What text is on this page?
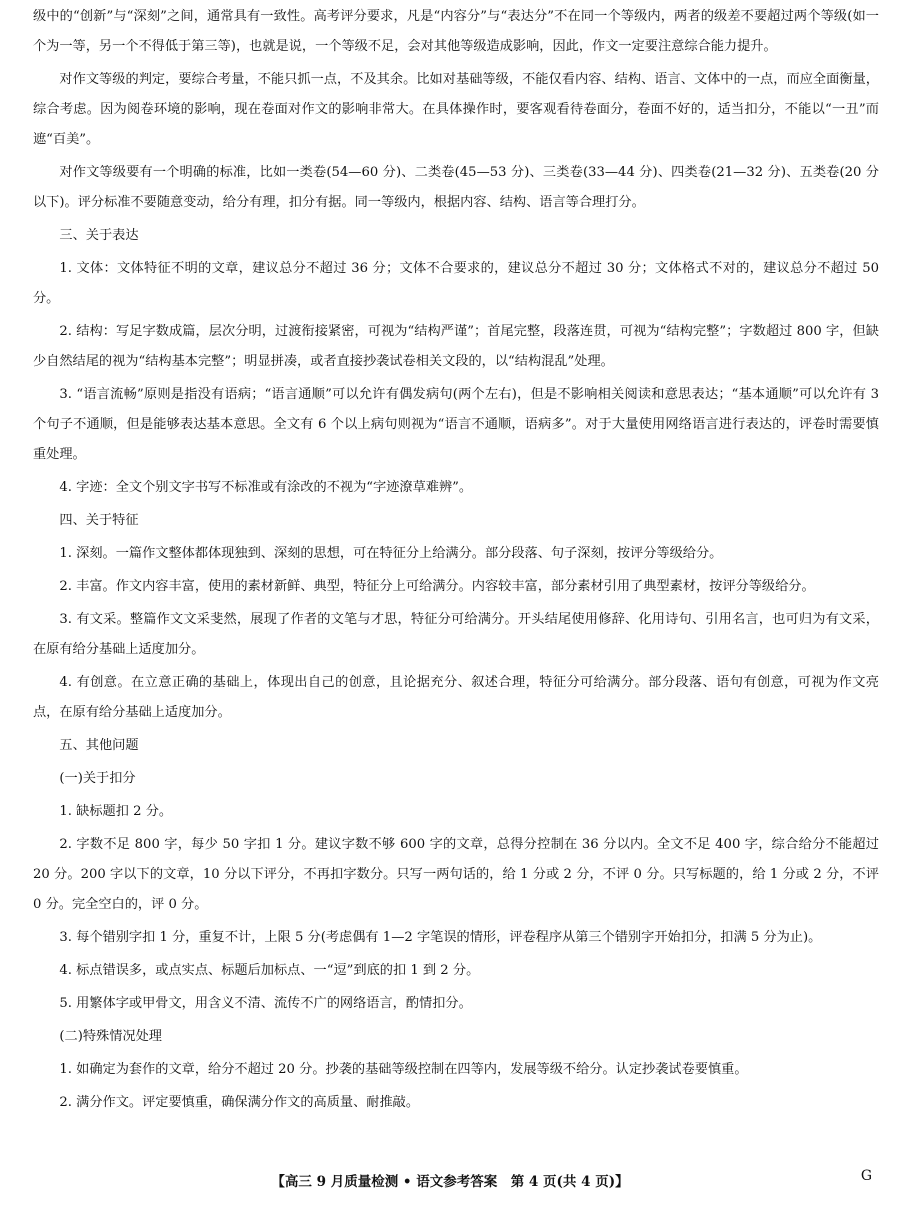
级中的“创新”与“深刻”之间，通常具有一致性。高考评分要求，凡是“内容分”与“表达分”不在同一个等级内，两者的级差不要超过两个等级(如一个为一等，另一个不得低于第三等)，也就是说，一个等级不足，会对其他等级造成影响，因此，作文一定要注意综合能力提升。

对作文等级的判定，要综合考量，不能只抓一点，不及其余。比如对基础等级，不能仅看内容、结构、语言、文体中的一点，而应全面衡量，综合考虑。因为阅卷环境的影响，现在卷面对作文的影响非常大。在具体操作时，要客观看待卷面分，卷面不好的，适当扣分，不能以“一丑”而遮“百美”。

对作文等级要有一个明确的标准，比如一类卷(54—60 分)、二类卷(45—53 分)、三类卷(33—44 分)、四类卷(21—32 分)、五类卷(20 分以下)。评分标准不要随意变动，给分有理，扣分有据。同一等级内，根据内容、结构、语言等合理打分。

三、关于表达

1. 文体：文体特征不明的文章，建议总分不超过 36 分；文体不合要求的，建议总分不超过 30 分；文体格式不对的，建议总分不超过 50 分。

2. 结构：写足字数成篇，层次分明，过渡衔接紧密，可视为“结构严谨”；首尾完整，段落连贯，可视为“结构完整”；字数超过 800 字，但缺少自然结尾的视为“结构基本完整”；明显拼凑，或者直接抄袭试卷相关文段的，以“结构混乱”处理。

3. “语言流畅”原则是指没有语病；“语言通顺”可以允许有偶发病句(两个左右)，但是不影响相关阅读和意思表达；“基本通顺”可以允许有 3 个句子不通顺，但是能够表达基本意思。全文有 6 个以上病句则视为“语言不通顺，语病多”。对于大量使用网络语言进行表达的，评卷时需要慎重处理。

4. 字迹：全文个别文字书写不标准或有涂改的不视为“字迹潦草难辨”。

四、关于特征

1. 深刻。一篇作文整体都体现独到、深刻的思想，可在特征分上给满分。部分段落、句子深刻，按评分等级给分。

2. 丰富。作文内容丰富，使用的素材新鲜、典型，特征分上可给满分。内容较丰富，部分素材引用了典型素材，按评分等级给分。

3. 有文采。整篇作文文采斐然，展现了作者的文笔与才思，特征分可给满分。开头结尾使用修辞、化用诗句、引用名言，也可归为有文采，在原有给分基础上适度加分。

4. 有创意。在立意正确的基础上，体现出自己的创意，且论据充分、叙述合理，特征分可给满分。部分段落、语句有创意，可视为作文亮点，在原有给分基础上适度加分。

五、其他问题

(一)关于扣分

1. 缺标题扣 2 分。

2. 字数不足 800 字，每少 50 字扣 1 分。建议字数不够 600 字的文章，总得分控制在 36 分以内。全文不足 400 字，综合给分不能超过 20 分。200 字以下的文章，10 分以下评分，不再扣字数分。只写一两句话的，给 1 分或 2 分，不评 0 分。只写标题的，给 1 分或 2 分，不评 0 分。完全空白的，评 0 分。

3. 每个错别字扣 1 分，重复不计，上限 5 分(考虑偶有 1—2 字笔误的情形，评卷程序从第三个错别字开始扣分，扣满 5 分为止)。

4. 标点错误多，或点实点、标题后加标点、一“逗”到底的扣 1 到 2 分。

5. 用繁体字或甲骨文，用含义不清、流传不广的网络语言，酌情扣分。

(二)特殊情况处理

1. 如确定为套作的文章，给分不超过 20 分。抄袭的基础等级控制在四等内，发展等级不给分。认定抄袭试卷要慎重。

2. 满分作文。评定要慎重，确保满分作文的高质量、耐推敲。

【高三 9 月质量检测 • 语文参考答案　第 4 页(共 4 页)】	G
